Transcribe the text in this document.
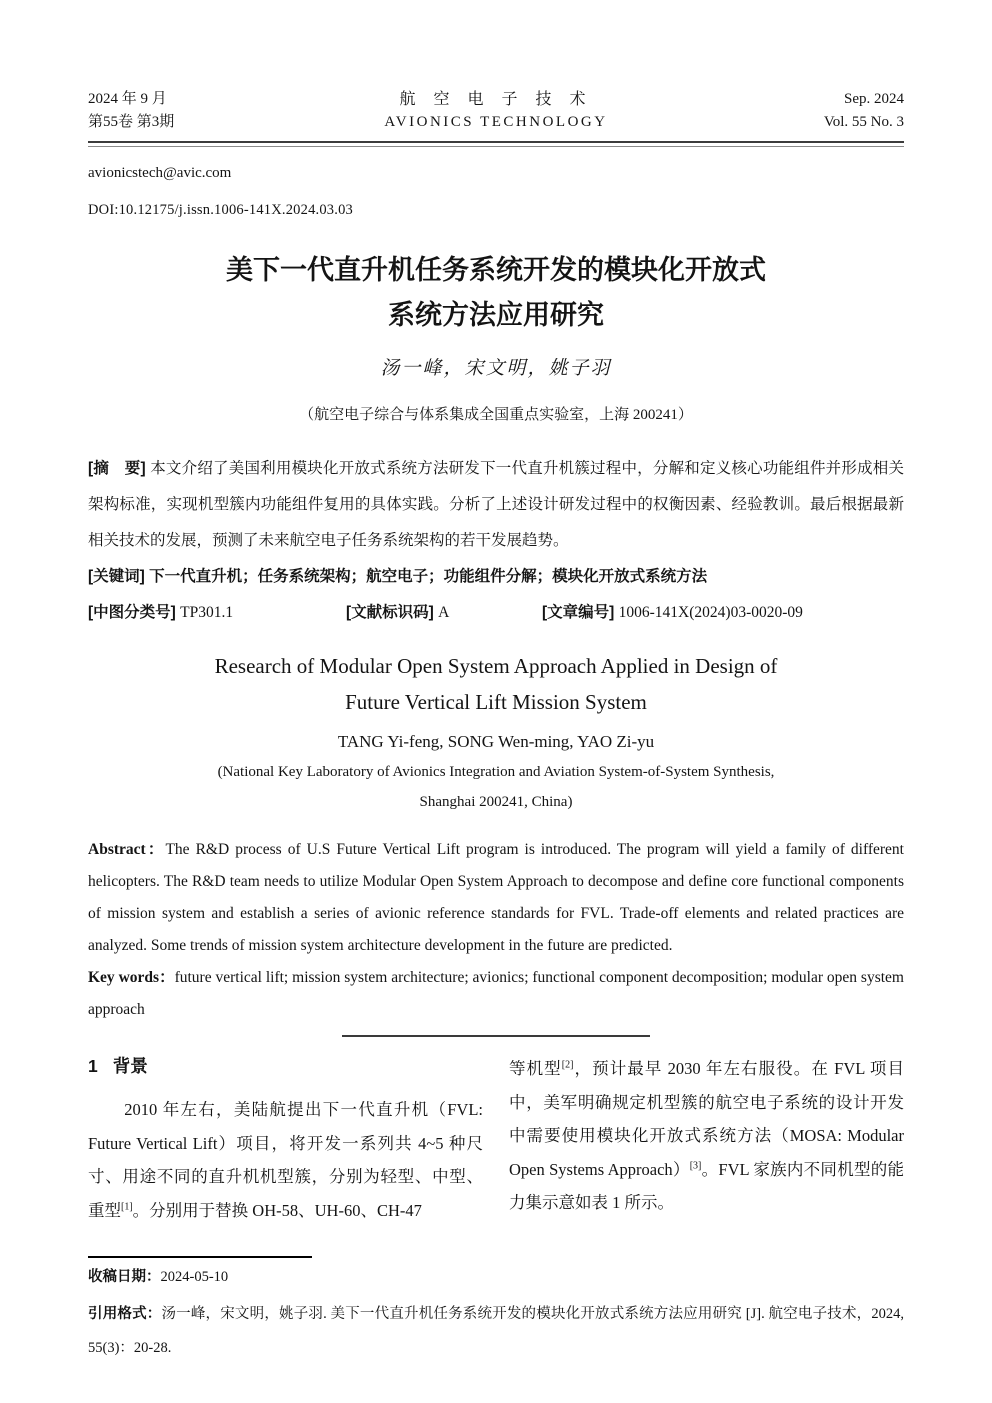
2024 年 9 月
第55卷 第3期
航 空 电 子 技 术
AVIONICS TECHNOLOGY
Sep. 2024
Vol. 55 No. 3
avionicstech@avic.com
DOI:10.12175/j.issn.1006-141X.2024.03.03
美下一代直升机任务系统开发的模块化开放式
系统方法应用研究
汤一峰，宋文明，姚子羽
（航空电子综合与体系集成全国重点实验室，上海 200241）
[摘　要] 本文介绍了美国利用模块化开放式系统方法研发下一代直升机簇过程中，分解和定义核心功能组件并形成相关架构标准，实现机型簇内功能组件复用的具体实践。分析了上述设计研发过程中的权衡因素、经验教训。最后根据最新相关技术的发展，预测了未来航空电子任务系统架构的若干发展趋势。
[关键词] 下一代直升机；任务系统架构；航空电子；功能组件分解；模块化开放式系统方法
[中图分类号] TP301.1	[文献标识码] A	[文章编号] 1006-141X(2024)03-0020-09
Research of Modular Open System Approach Applied in Design of
Future Vertical Lift Mission System
TANG Yi-feng, SONG Wen-ming, YAO Zi-yu
(National Key Laboratory of Avionics Integration and Aviation System-of-System Synthesis,
Shanghai 200241, China)
Abstract：The R&D process of U.S Future Vertical Lift program is introduced. The program will yield a family of different helicopters. The R&D team needs to utilize Modular Open System Approach to decompose and define core functional components of mission system and establish a series of avionic reference standards for FVL. Trade-off elements and related practices are analyzed. Some trends of mission system architecture development in the future are predicted.
Key words：future vertical lift; mission system architecture; avionics; functional component decomposition; modular open system approach
1 背景

2010 年左右，美陆航提出下一代直升机（FVL: Future Vertical Lift）项目，将开发一系列共 4~5 种尺寸、用途不同的直升机机型簇，分别为轻型、中型、重型[1]。分别用于替换 OH-58、UH-60、CH-47

等机型[2]，预计最早 2030 年左右服役。在 FVL 项目中，美军明确规定机型簇的航空电子系统的设计开发中需要使用模块化开放式系统方法（MOSA: Modular Open Systems Approach）[3]。FVL 家族内不同机型的能力集示意如表 1 所示。

收稿日期：2024-05-10

引用格式：汤一峰，宋文明，姚子羽. 美下一代直升机任务系统开发的模块化开放式系统方法应用研究 [J]. 航空电子技术，2024, 55(3)：20-28.
